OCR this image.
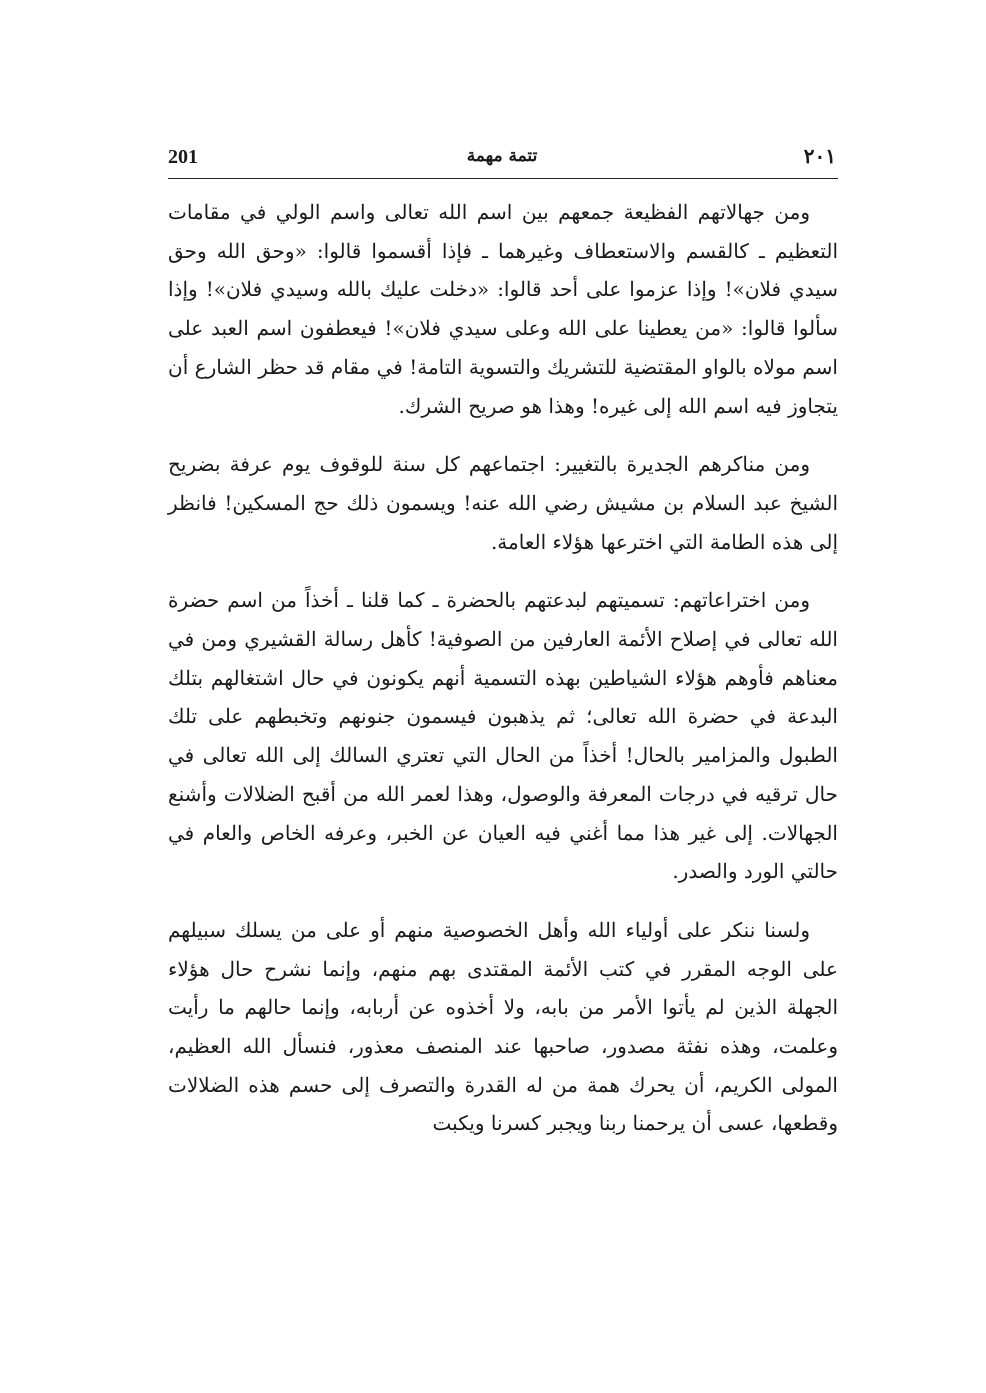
201	تتمة مهمة	٢٠١

ومن جهالاتهم الفظيعة جمعهم بين اسم الله تعالى واسم الولي في مقامات التعظيم ـ كالقسم والاستعطاف وغيرهما ـ فإذا أقسموا قالوا: «وحق الله وحق سيدي فلان»! وإذا عزموا على أحد قالوا: «دخلت عليك بالله وسيدي فلان»! وإذا سألوا قالوا: «من يعطينا على الله وعلى سيدي فلان»! فيعطفون اسم العبد على اسم مولاه بالواو المقتضية للتشريك والتسوية التامة! في مقام قد حظر الشارع أن يتجاوز فيه اسم الله إلى غيره! وهذا هو صريح الشرك.

ومن مناكرهم الجديرة بالتغيير: اجتماعهم كل سنة للوقوف يوم عرفة بضريح الشيخ عبد السلام بن مشيش رضي الله عنه! ويسمون ذلك حج المسكين! فانظر إلى هذه الطامة التي اخترعها هؤلاء العامة.

ومن اختراعاتهم: تسميتهم لبدعتهم بالحضرة ـ كما قلنا ـ أخذاً من اسم حضرة الله تعالى في إصلاح الأئمة العارفين من الصوفية! كأهل رسالة القشيري ومن في معناهم فأوهم هؤلاء الشياطين بهذه التسمية أنهم يكونون في حال اشتغالهم بتلك البدعة في حضرة الله تعالى؛ ثم يذهبون فيسمون جنونهم وتخبطهم على تلك الطبول والمزامير بالحال! أخذاً من الحال التي تعتري السالك إلى الله تعالى في حال ترقيه في درجات المعرفة والوصول، وهذا لعمر الله من أقبح الضلالات وأشنع الجهالات. إلى غير هذا مما أغني فيه العيان عن الخبر، وعرفه الخاص والعام في حالتي الورد والصدر.

ولسنا ننكر على أولياء الله وأهل الخصوصية منهم أو على من يسلك سبيلهم على الوجه المقرر في كتب الأئمة المقتدى بهم منهم، وإنما نشرح حال هؤلاء الجهلة الذين لم يأتوا الأمر من بابه، ولا أخذوه عن أربابه، وإنما حالهم ما رأيت وعلمت، وهذه نفثة مصدور، صاحبها عند المنصف معذور، فنسأل الله العظيم، المولى الكريم، أن يحرك همة من له القدرة والتصرف إلى حسم هذه الضلالات وقطعها، عسى أن يرحمنا ربنا ويجبر كسرنا ويكبت
